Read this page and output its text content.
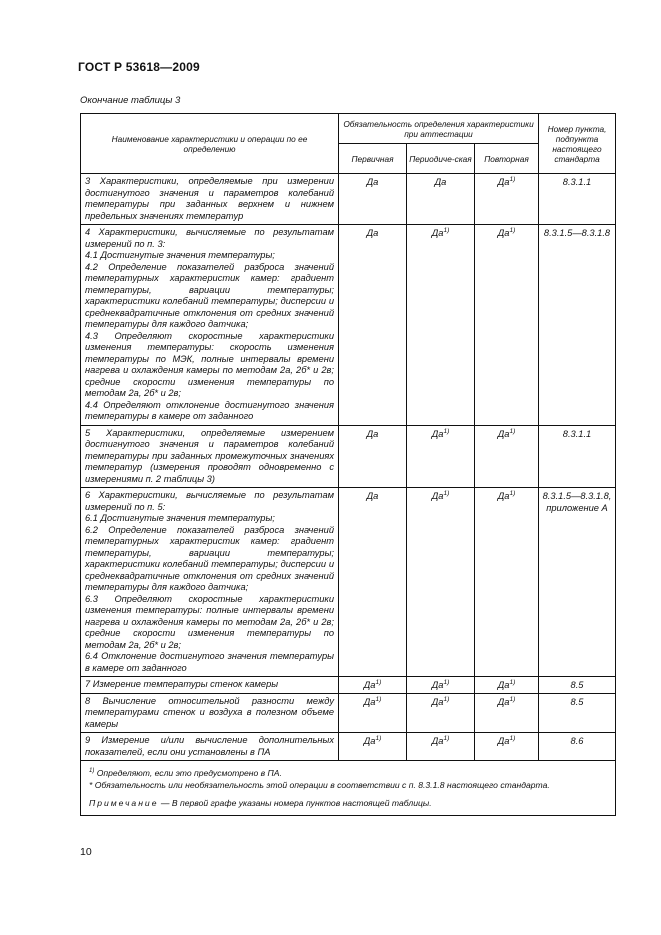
ГОСТ Р 53618—2009
Окончание таблицы 3
Наименование характеристики и операции по ее определению	Обязательность определения характеристики при аттестации			Номер пункта, подпункта настоящего стандарта
	Первичная	Периодиче-ская	Повторная	

3 Характеристики, определяемые при измерении достигнутого значения и параметров колебаний температуры при заданных верхнем и нижнем предельных значениях температур	Да	Да	$Да^{1)}$	8.3.1.1

4 Характеристики, вычисляемые по результатам измерений по п. 3:
4.1 Достигнутые значения температуры;
4.2 Определение показателей разброса значений температурных характеристик камер: градиент температуры, вариации температуры; характеристики колебаний температуры; дисперсии и среднеквадратичные отклонения от средних значений температуры для каждого датчика;
4.3 Определяют скоростные характеристики изменения температуры: скорость изменения температуры по МЭК, полные интервалы времени нагрева и охлаждения камеры по методам 2а, 2б* и 2в; средние скорости изменения температуры по методам 2а, 2б* и 2в;
4.4 Определяют отклонение достигнутого значения температуры в камере от заданного	Да	$Да^{1)}$	$Да^{1)}$	8.3.1.5—8.3.1.8

5 Характеристики, определяемые измерением достигнутого значения и параметров колебаний температуры при заданных промежуточных значениях температур (измерения проводят одновременно с измерениями п. 2 таблицы 3)	Да	$Да^{1)}$	$Да^{1)}$	8.3.1.1

6 Характеристики, вычисляемые по результатам измерений по п. 5:
6.1 Достигнутые значения температуры;
6.2 Определение показателей разброса значений температурных характеристик камер: градиент температуры, вариации температуры; характеристики колебаний температуры; дисперсии и среднеквадратичные отклонения от средних значений температуры для каждого датчика;
6.3 Определяют скоростные характеристики изменения температуры: полные интервалы времени нагрева и охлаждения камеры по методам 2а, 2б* и 2в; средние скорости изменения температуры по методам 2а, 2б* и 2в;
6.4 Отклонение достигнутого значения температуры в камере от заданного	Да	$Да^{1)}$	$Да^{1)}$	8.3.1.5—8.3.1.8, приложение А

7 Измерение температуры стенок камеры	$Да^{1)}$	$Да^{1)}$	$Да^{1)}$	8.5

8 Вычисление относительной разности между температурами стенок и воздуха в полезном объеме камеры	$Да^{1)}$	$Да^{1)}$	$Да^{1)}$	8.5

9 Измерение и/или вычисление дополнительных показателей, если они установлены в ПА	$Да^{1)}$	$Да^{1)}$	$Да^{1)}$	8.6

$^{1)}$ Определяют, если это предусмотрено в ПА.
* Обязательность или необязательность этой операции в соответствии с п. 8.3.1.8 настоящего стандарта.
Примечание — В первой графе указаны номера пунктов настоящей таблицы.				
10
